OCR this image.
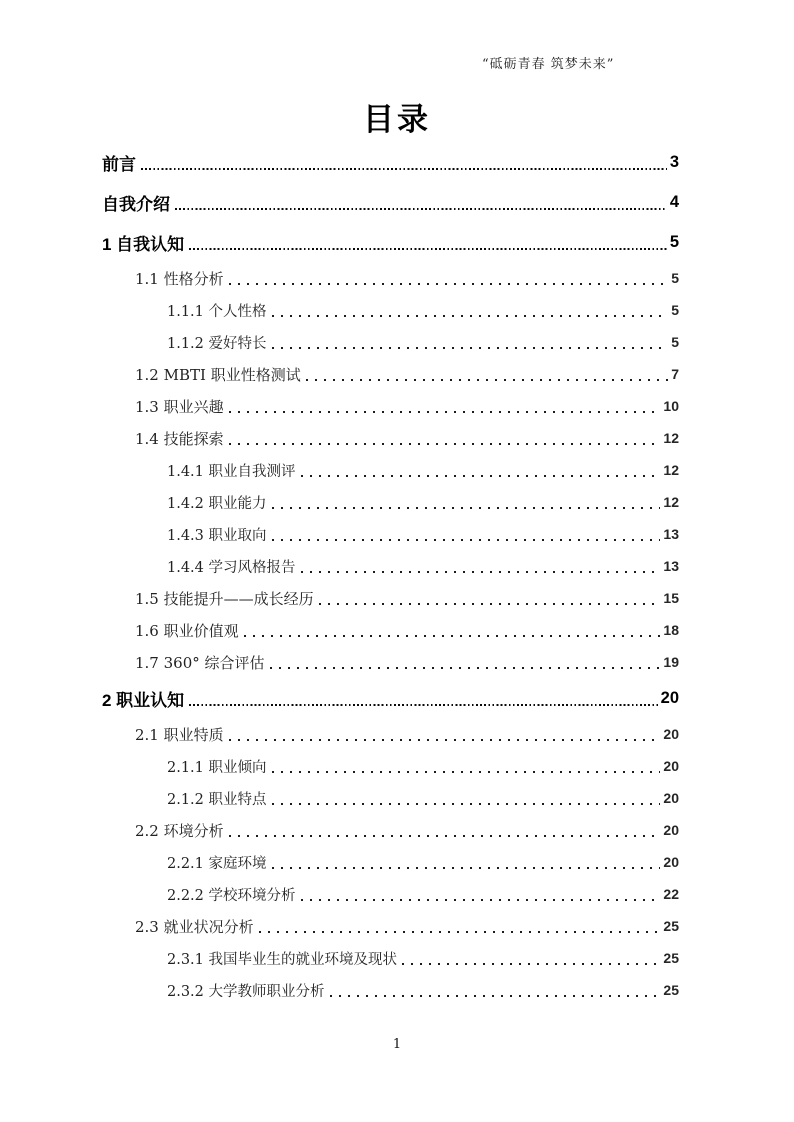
“砥砺青春 筑梦未来”
目录
前言	3
自我介绍	4
1 自我认知	5
1.1 性格分析	5
1.1.1 个人性格	5
1.1.2 爱好特长	5
1.2 MBTI 职业性格测试	7
1.3 职业兴趣	10
1.4 技能探索	12
1.4.1 职业自我测评	12
1.4.2 职业能力	12
1.4.3 职业取向	13
1.4.4 学习风格报告	13
1.5 技能提升——成长经历	15
1.6 职业价值观	18
1.7 360° 综合评估	19
2 职业认知	20
2.1 职业特质	20
2.1.1 职业倾向	20
2.1.2 职业特点	20
2.2 环境分析	20
2.2.1 家庭环境	20
2.2.2 学校环境分析	22
2.3 就业状况分析	25
2.3.1 我国毕业生的就业环境及现状	25
2.3.2 大学教师职业分析	25
1
